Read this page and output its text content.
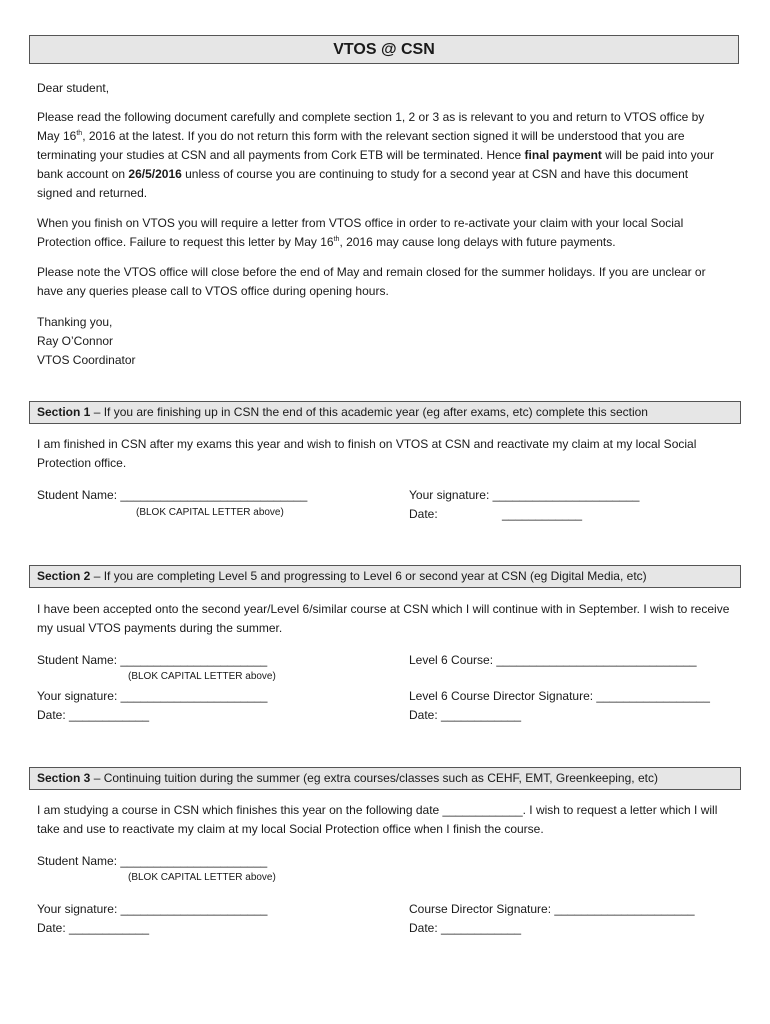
VTOS @ CSN

Dear student,

Please read the following document carefully and complete section 1, 2 or 3 as is relevant to you and return to VTOS office by May 16th, 2016 at the latest. If you do not return this form with the relevant section signed it will be understood that you are terminating your studies at CSN and all payments from Cork ETB will be terminated. Hence final payment will be paid into your bank account on 26/5/2016 unless of course you are continuing to study for a second year at CSN and have this document signed and returned.

When you finish on VTOS you will require a letter from VTOS office in order to re-activate your claim with your local Social Protection office. Failure to request this letter by May 16th, 2016 may cause long delays with future payments.

Please note the VTOS office will close before the end of May and remain closed for the summer holidays. If you are unclear or have any queries please call to VTOS office during opening hours.

Thanking you,

Ray O’Connor

VTOS Coordinator

Section 1 – If you are finishing up in CSN the end of this academic year (eg after exams, etc) complete this section

I am finished in CSN after my exams this year and wish to finish on VTOS at CSN and reactivate my claim at my local Social Protection office.

Student Name: ____________________________
(BLOK CAPITAL LETTER above)
Your signature: ______________________
Date:	____________
Section 2 – If you are completing Level 5 and progressing to Level 6 or second year at CSN (eg Digital Media, etc)

I have been accepted onto the second year/Level 6/similar course at CSN which I will continue with in September. I wish to receive my usual VTOS payments during the summer.

Student Name: ______________________
(BLOK CAPITAL LETTER above)
Your signature: ______________________
Date: ____________
Level 6 Course: ______________________________
Level 6 Course Director Signature: _________________
Date: ____________
Section 3 – Continuing tuition during the summer (eg extra courses/classes such as CEHF, EMT, Greenkeeping, etc)

I am studying a course in CSN which finishes this year on the following date ____________. I wish to request a letter which I will take and use to reactivate my claim at my local Social Protection office when I finish the course.

Student Name: ______________________
(BLOK CAPITAL LETTER above)
Your signature: ______________________
Date: ____________
Course Director Signature: _____________________
Date: ____________
